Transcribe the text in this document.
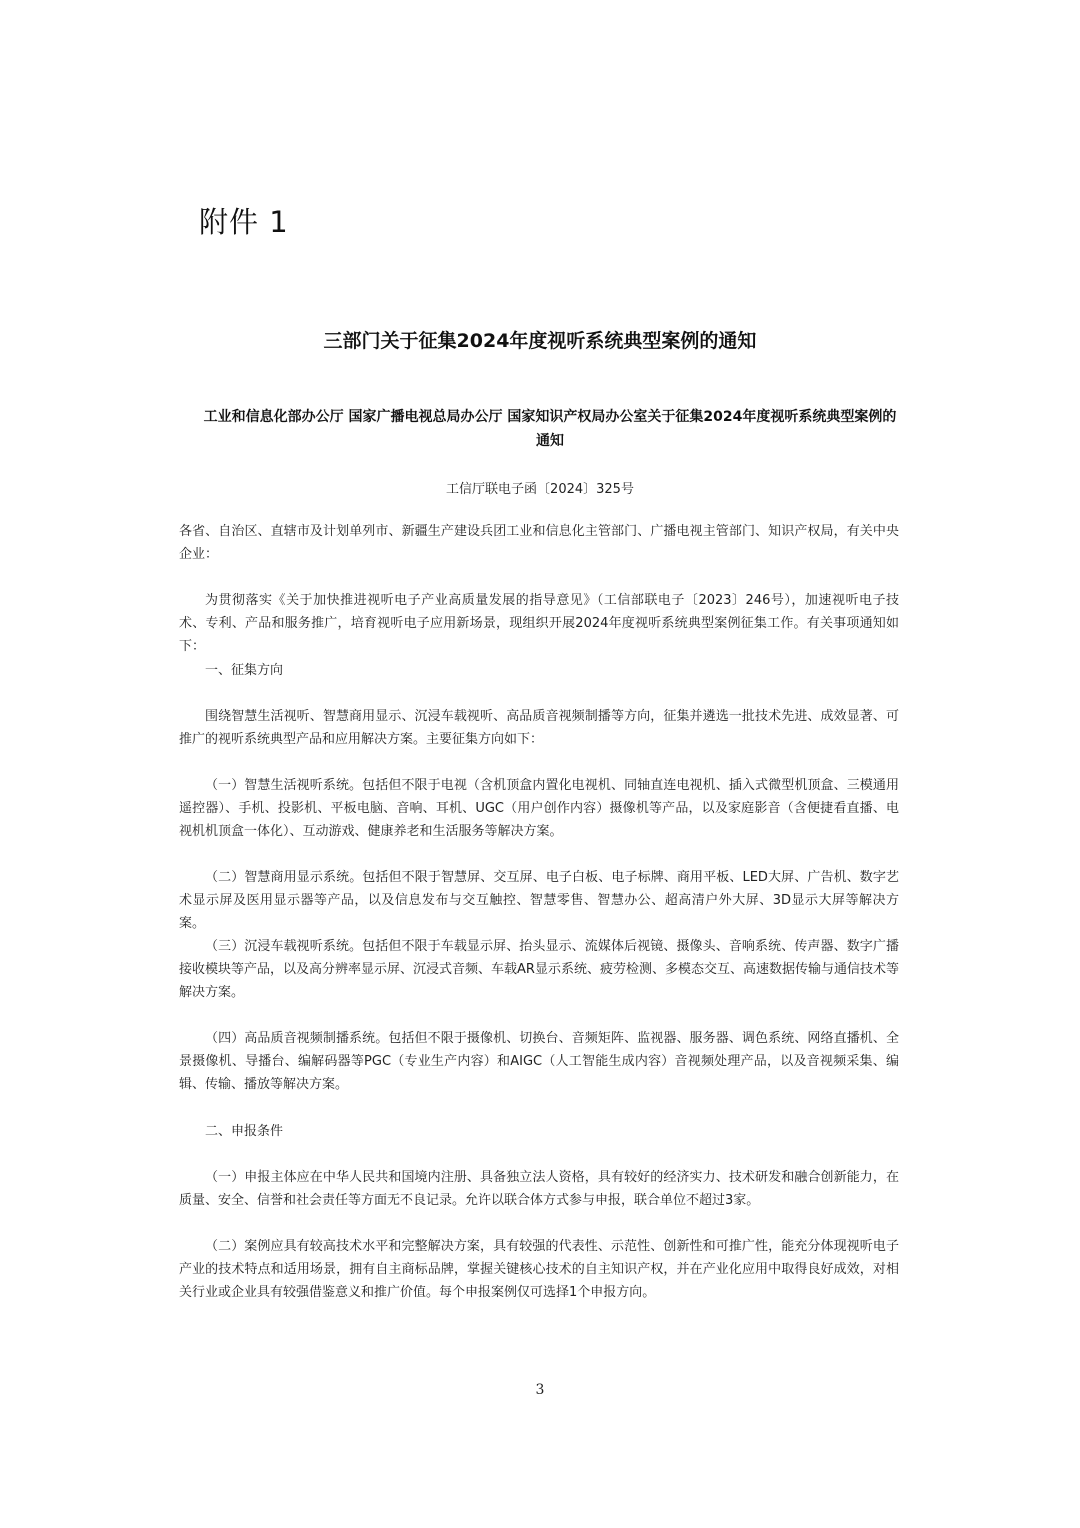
附件 1
三部门关于征集2024年度视听系统典型案例的通知
工业和信息化部办公厅 国家广播电视总局办公厅 国家知识产权局办公室关于征集2024年度视听系统典型案例的通知
工信厅联电子函〔2024〕325号

各省、自治区、直辖市及计划单列市、新疆生产建设兵团工业和信息化主管部门、广播电视主管部门、知识产权局，有关中央企业：

为贯彻落实《关于加快推进视听电子产业高质量发展的指导意见》（工信部联电子〔2023〕246号），加速视听电子技术、专利、产品和服务推广，培育视听电子应用新场景，现组织开展2024年度视听系统典型案例征集工作。有关事项通知如下：

一、征集方向

围绕智慧生活视听、智慧商用显示、沉浸车载视听、高品质音视频制播等方向，征集并遴选一批技术先进、成效显著、可推广的视听系统典型产品和应用解决方案。主要征集方向如下：

（一）智慧生活视听系统。包括但不限于电视（含机顶盒内置化电视机、同轴直连电视机、插入式微型机顶盒、三模通用遥控器）、手机、投影机、平板电脑、音响、耳机、UGC（用户创作内容）摄像机等产品，以及家庭影音（含便捷看直播、电视机机顶盒一体化）、互动游戏、健康养老和生活服务等解决方案。

（二）智慧商用显示系统。包括但不限于智慧屏、交互屏、电子白板、电子标牌、商用平板、LED大屏、广告机、数字艺术显示屏及医用显示器等产品，以及信息发布与交互触控、智慧零售、智慧办公、超高清户外大屏、3D显示大屏等解决方案。

（三）沉浸车载视听系统。包括但不限于车载显示屏、抬头显示、流媒体后视镜、摄像头、音响系统、传声器、数字广播接收模块等产品，以及高分辨率显示屏、沉浸式音频、车载AR显示系统、疲劳检测、多模态交互、高速数据传输与通信技术等解决方案。

（四）高品质音视频制播系统。包括但不限于摄像机、切换台、音频矩阵、监视器、服务器、调色系统、网络直播机、全景摄像机、导播台、编解码器等PGC（专业生产内容）和AIGC（人工智能生成内容）音视频处理产品，以及音视频采集、编辑、传输、播放等解决方案。

二、申报条件

（一）申报主体应在中华人民共和国境内注册、具备独立法人资格，具有较好的经济实力、技术研发和融合创新能力，在质量、安全、信誉和社会责任等方面无不良记录。允许以联合体方式参与申报，联合单位不超过3家。

（二）案例应具有较高技术水平和完整解决方案，具有较强的代表性、示范性、创新性和可推广性，能充分体现视听电子产业的技术特点和适用场景，拥有自主商标品牌，掌握关键核心技术的自主知识产权，并在产业化应用中取得良好成效，对相关行业或企业具有较强借鉴意义和推广价值。每个申报案例仅可选择1个申报方向。

3
